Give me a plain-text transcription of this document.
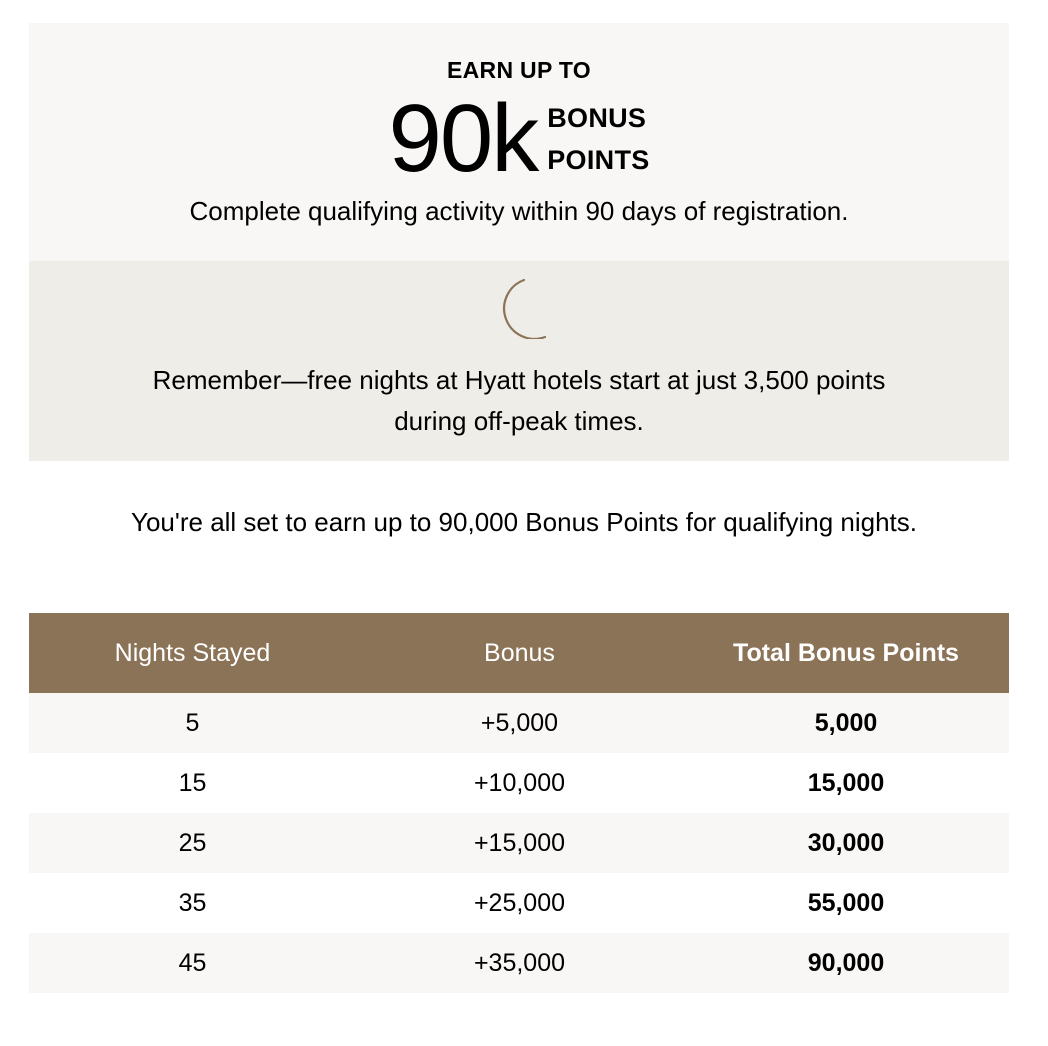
EARN UP TO
90k BONUS
POINTS
Complete qualifying activity within 90 days of registration.
Remember—free nights at Hyatt hotels start at just 3,500 points
during off-peak times.
You're all set to earn up to 90,000 Bonus Points for qualifying nights.
Nights Stayed	Bonus	Total Bonus Points
5	+5,000	5,000
15	+10,000	15,000
25	+15,000	30,000
35	+25,000	55,000
45	+35,000	90,000
